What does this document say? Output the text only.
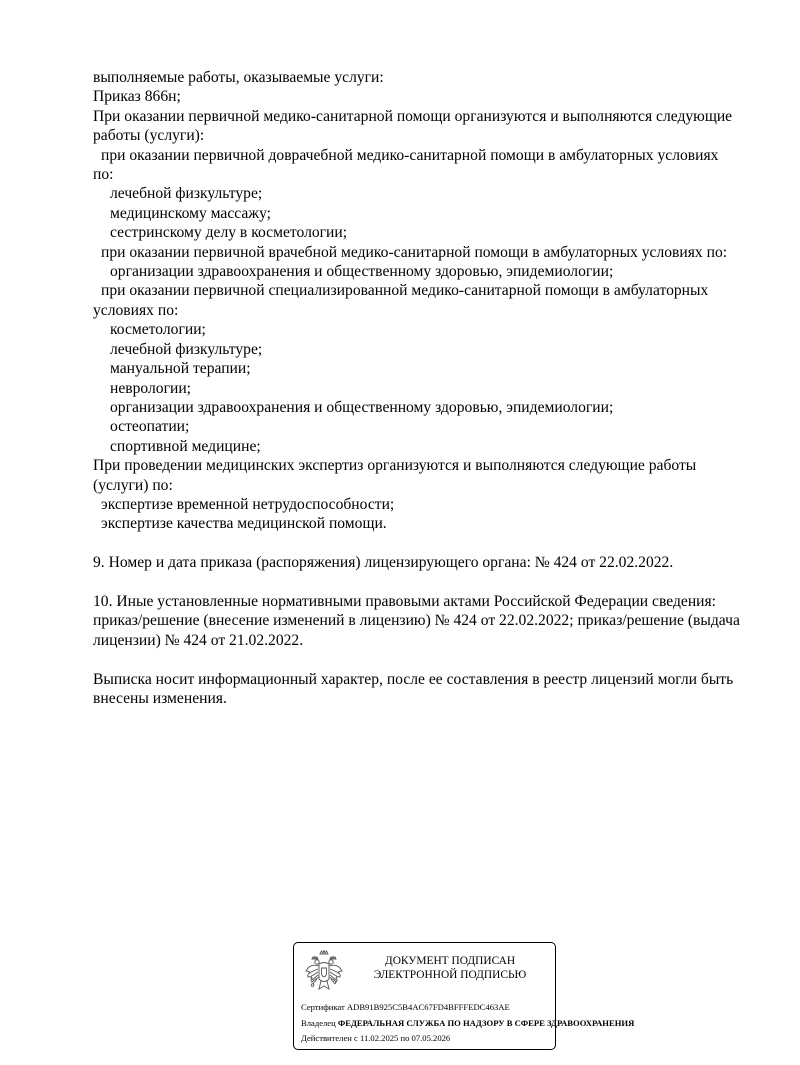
выполняемые работы, оказываемые услуги:
Приказ 866н;
При оказании первичной медико-санитарной помощи организуются и выполняются следующие
работы (услуги):
при оказании первичной доврачебной медико-санитарной помощи в амбулаторных условиях
по:
лечебной физкультуре;
медицинскому массажу;
сестринскому делу в косметологии;
при оказании первичной врачебной медико-санитарной помощи в амбулаторных условиях по:
организации здравоохранения и общественному здоровью, эпидемиологии;
при оказании первичной специализированной медико-санитарной помощи в амбулаторных
условиях по:
косметологии;
лечебной физкультуре;
мануальной терапии;
неврологии;
организации здравоохранения и общественному здоровью, эпидемиологии;
остеопатии;
спортивной медицине;
При проведении медицинских экспертиз организуются и выполняются следующие работы
(услуги) по:
экспертизе временной нетрудоспособности;
экспертизе качества медицинской помощи.
9. Номер и дата приказа (распоряжения) лицензирующего органа: № 424 от 22.02.2022.
10. Иные установленные нормативными правовыми актами Российской Федерации сведения:
приказ/решение (внесение изменений в лицензию) № 424 от 22.02.2022; приказ/решение (выдача
лицензии) № 424 от 21.02.2022.
Выписка носит информационный характер, после ее составления в реестр лицензий могли быть
внесены изменения.
ДОКУМЕНТ ПОДПИСАН
ЭЛЕКТРОННОЙ ПОДПИСЬЮ
Сертификат ADB91B925C5B4AC67FD4BFFFEDC463AE
Владелец ФЕДЕРАЛЬНАЯ СЛУЖБА ПО НАДЗОРУ В СФЕРЕ ЗДРАВООХРАНЕНИЯ
Действителен с 11.02.2025 по 07.05.2026
